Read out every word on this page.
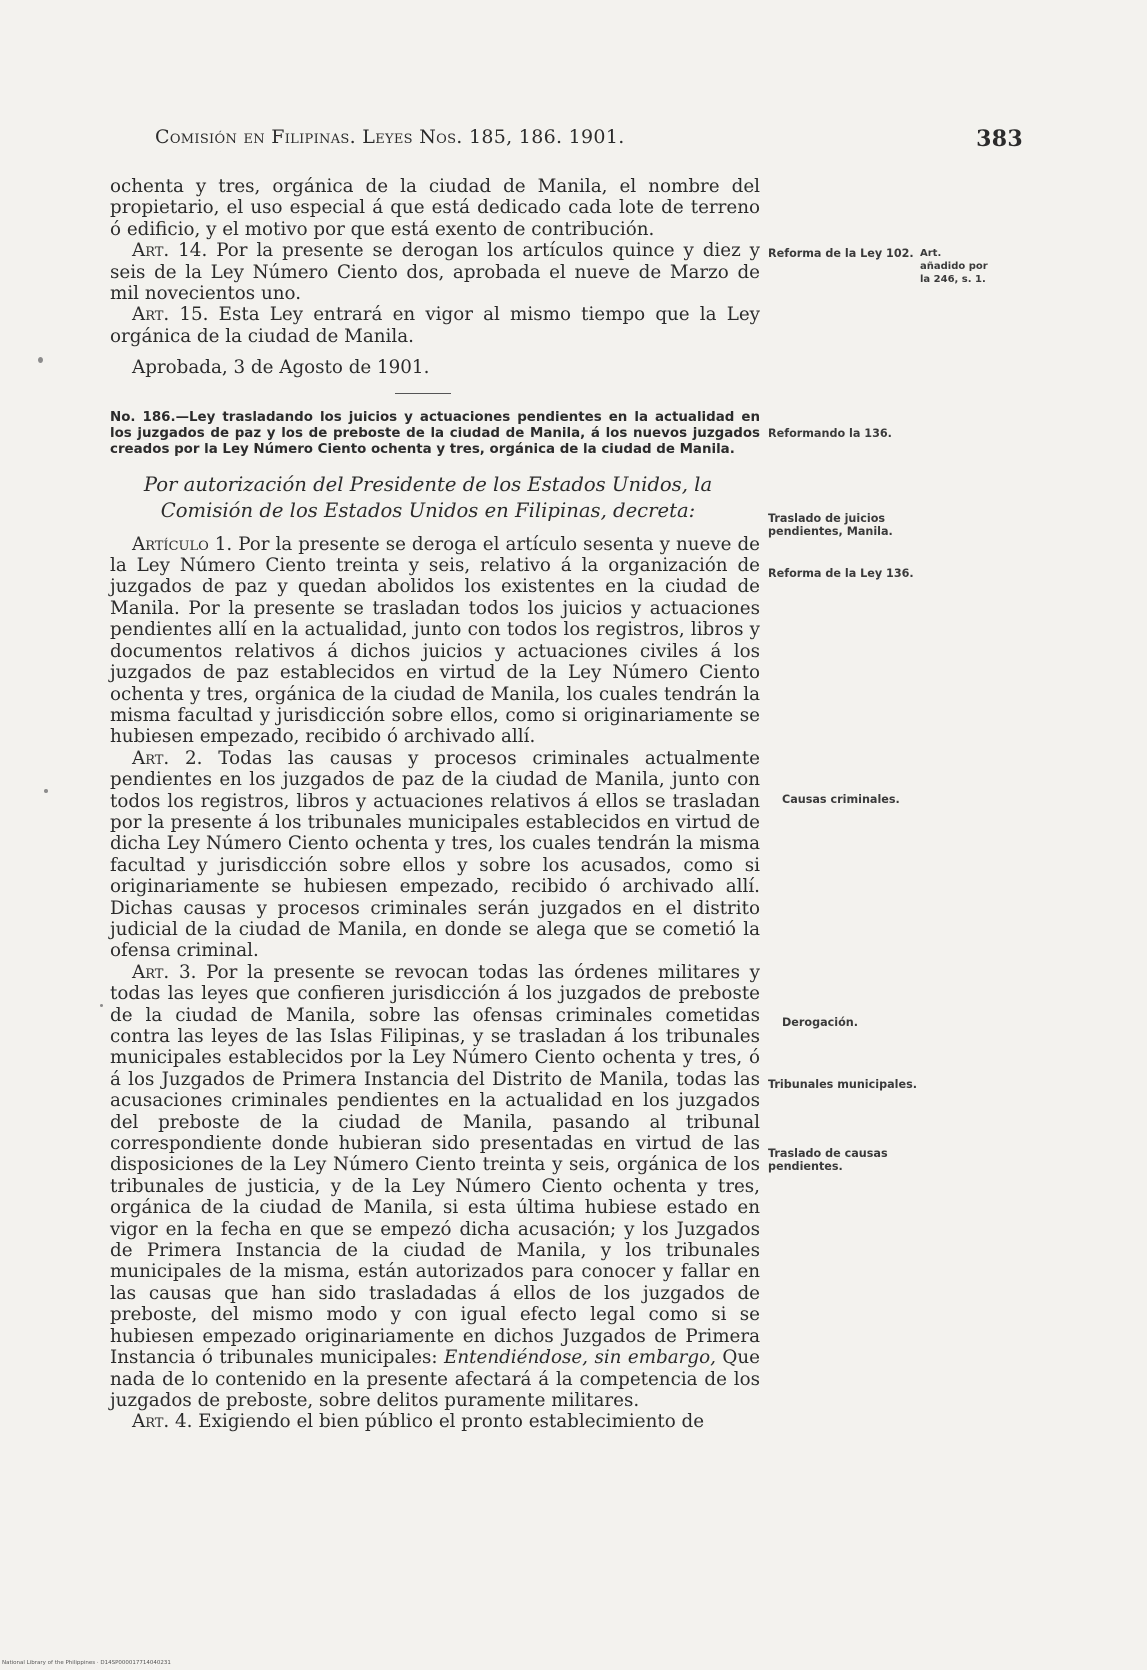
Comisión en Filipinas. Leyes Nos. 185, 186. 1901.	383

ochenta y tres, orgánica de la ciudad de Manila, el nombre del propietario, el uso especial á que está dedicado cada lote de terreno ó edificio, y el motivo por que está exento de contribución.

Art. 14. Por la presente se derogan los artículos quince y diez y seis de la Ley Número Ciento dos, aprobada el nueve de Marzo de mil novecientos uno.

Art. 15. Esta Ley entrará en vigor al mismo tiempo que la Ley orgánica de la ciudad de Manila.

Aprobada, 3 de Agosto de 1901.

No. 186.—Ley trasladando los juicios y actuaciones pendientes en la actualidad en los juzgados de paz y los de preboste de la ciudad de Manila, á los nuevos juzgados creados por la Ley Número Ciento ochenta y tres, orgánica de la ciudad de Manila.

Por autorización del Presidente de los Estados Unidos, la Comisión de los Estados Unidos en Filipinas, decreta:

Artículo 1. Por la presente se deroga el artículo sesenta y nueve de la Ley Número Ciento treinta y seis, relativo á la organización de juzgados de paz y quedan abolidos los existentes en la ciudad de Manila. Por la presente se trasladan todos los juicios y actuaciones pendientes allí en la actualidad, junto con todos los registros, libros y documentos relativos á dichos juicios y actuaciones civiles á los juzgados de paz establecidos en virtud de la Ley Número Ciento ochenta y tres, orgánica de la ciudad de Manila, los cuales tendrán la misma facultad y jurisdicción sobre ellos, como si originariamente se hubiesen empezado, recibido ó archivado allí.

Art. 2. Todas las causas y procesos criminales actualmente pendientes en los juzgados de paz de la ciudad de Manila, junto con todos los registros, libros y actuaciones relativos á ellos se trasladan por la presente á los tribunales municipales establecidos en virtud de dicha Ley Número Ciento ochenta y tres, los cuales tendrán la misma facultad y jurisdicción sobre ellos y sobre los acusados, como si originariamente se hubiesen empezado, recibido ó archivado allí. Dichas causas y procesos criminales serán juzgados en el distrito judicial de la ciudad de Manila, en donde se alega que se cometió la ofensa criminal.

Art. 3. Por la presente se revocan todas las órdenes militares y todas las leyes que confieren jurisdicción á los juzgados de preboste de la ciudad de Manila, sobre las ofensas criminales cometidas contra las leyes de las Islas Filipinas, y se trasladan á los tribunales municipales establecidos por la Ley Número Ciento ochenta y tres, ó á los Juzgados de Primera Instancia del Distrito de Manila, todas las acusaciones criminales pendientes en la actualidad en los juzgados del preboste de la ciudad de Manila, pasando al tribunal correspondiente donde hubieran sido presentadas en virtud de las disposiciones de la Ley Número Ciento treinta y seis, orgánica de los tribunales de justicia, y de la Ley Número Ciento ochenta y tres, orgánica de la ciudad de Manila, si esta última hubiese estado en vigor en la fecha en que se empezó dicha acusación; y los Juzgados de Primera Instancia de la ciudad de Manila, y los tribunales municipales de la misma, están autorizados para conocer y fallar en las causas que han sido trasladadas á ellos de los juzgados de preboste, del mismo modo y con igual efecto legal como si se hubiesen empezado originariamente en dichos Juzgados de Primera Instancia ó tribunales municipales: Entendiéndose, sin embargo, Que nada de lo contenido en la presente afectará á la competencia de los juzgados de preboste, sobre delitos puramente militares.

Art. 4. Exigiendo el bien público el pronto establecimiento de

Reforma de la Ley 102. Art. añadido por la 246, s. 1.
Reformando la 136.
Traslado de juicios pendientes, Manila.
Reforma de la Ley 136.
Causas criminales.
Derogación.
Tribunales municipales.
Traslado de causas pendientes.
National Library of the Philippines · D14SP000017714040231
